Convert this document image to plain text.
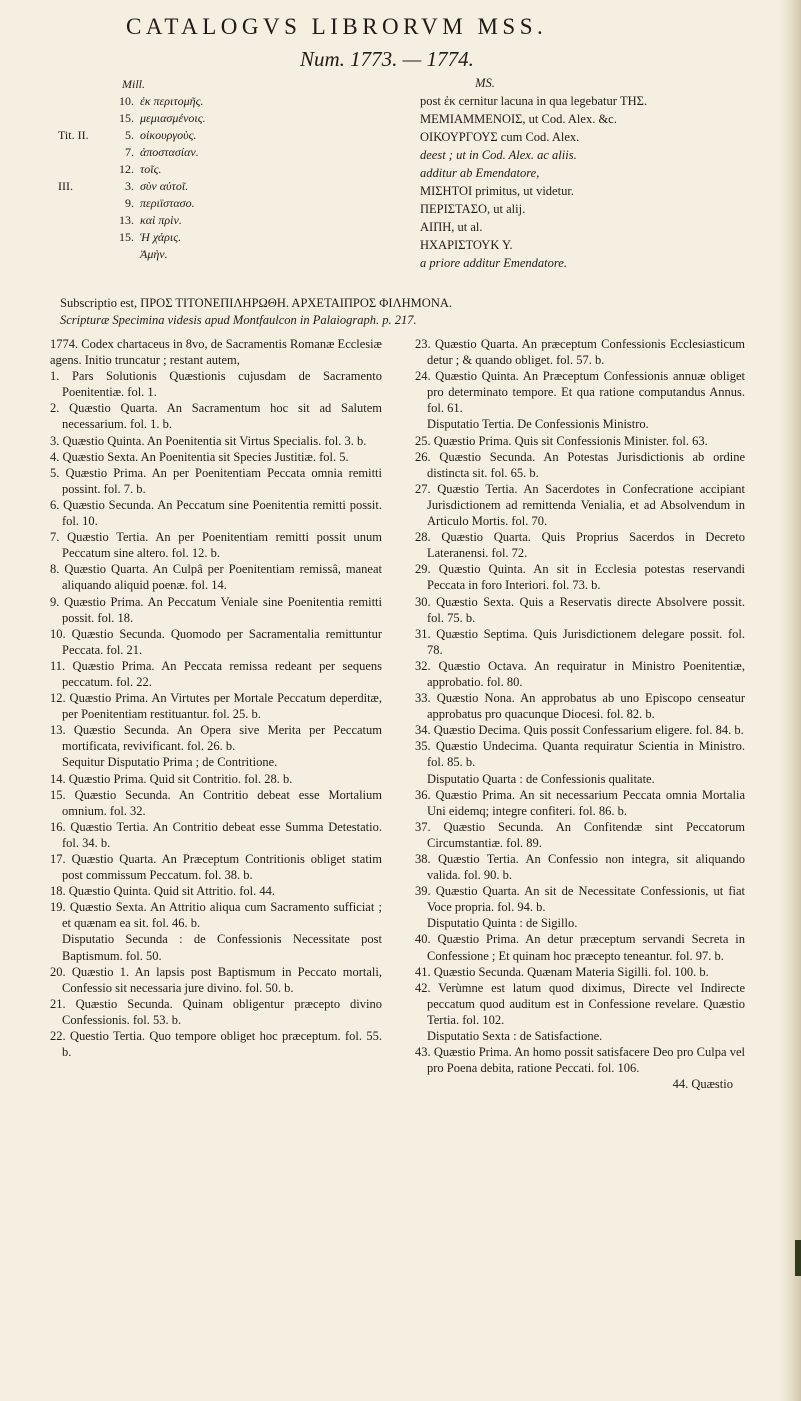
CATALOGVS LIBRORVM MSS.
Num. 1773. — 1774.
Mill.
10. ἐκ περιτομῆς.
15. μεμιασμένοις.
Tit. II.	5. οἰκουργοὺς.
7. ἀποστασίαν.
12. τοῖς.
III.	3. σὺν αὐτοῖ.
9. περιϊστασο.
13. καὶ πρὶν.
15. Ἡ χάρις.
Ἀμὴν.
MS.
post ἐκ cernitur lacuna in qua legebatur ΤΗΣ.
ΜΕΜΙΑΜΜΕΝΟΙΣ, ut Cod. Alex. &c.
ΟΙΚΟΥΡΓΟΥΣ cum Cod. Alex.
deest ; ut in Cod. Alex. ac aliis.
additur ab Emendatore,
ΜΙΣΗΤΟΙ primitus, ut videtur.
ΠΕΡΙΣΤΑΣΟ, ut alij.
ΑΙΠΗ, ut al.
ΗΧΑΡΙΣΤΟΥΚ Υ.
a priore additur Emendatore.
Subscriptio est, ΠΡΟΣ ΤΙΤΟΝΕΠΙΛΗΡΩΘΗ. ΑΡΧΕΤΑΙΠΡΟΣ ΦΙΛΗΜΟΝΑ.
Scripturæ Specimina videsis apud Montfaulcon in Palaiograph. p. 217.

1774. Codex chartaceus in 8vo, de Sacramentis Romanæ Ecclesiæ agens. Initio truncatur ; restant autem,

1. Pars Solutionis Quæstionis cujusdam de Sacramento Poenitentiæ. fol. 1.

2. Quæstio Quarta. An Sacramentum hoc sit ad Salutem necessarium. fol. 1. b.

3. Quæstio Quinta. An Poenitentia sit Virtus Specialis. fol. 3. b.

4. Quæstio Sexta. An Poenitentia sit Species Justitiæ. fol. 5.

5. Quæstio Prima. An per Poenitentiam Peccata omnia remitti possint. fol. 7. b.

6. Quæstio Secunda. An Peccatum sine Poenitentia remitti possit. fol. 10.

7. Quæstio Tertia. An per Poenitentiam remitti possit unum Peccatum sine altero. fol. 12. b.

8. Quæstio Quarta. An Culpâ per Poenitentiam remissâ, maneat aliquando aliquid poenæ. fol. 14.

9. Quæstio Prima. An Peccatum Veniale sine Poenitentia remitti possit. fol. 18.

10. Quæstio Secunda. Quomodo per Sacramentalia remittuntur Peccata. fol. 21.

11. Quæstio Prima. An Peccata remissa redeant per sequens peccatum. fol. 22.

12. Quæstio Prima. An Virtutes per Mortale Peccatum deperditæ, per Poenitentiam restituantur. fol. 25. b.

13. Quæstio Secunda. An Opera sive Merita per Peccatum mortificata, revivificant. fol. 26. b.

Sequitur Disputatio Prima ; de Contritione.

14. Quæstio Prima. Quid sit Contritio. fol. 28. b.

15. Quæstio Secunda. An Contritio debeat esse Mortalium omnium. fol. 32.

16. Quæstio Tertia. An Contritio debeat esse Summa Detestatio. fol. 34. b.

17. Quæstio Quarta. An Præceptum Contritionis obliget statim post commissum Peccatum. fol. 38. b.

18. Quæstio Quinta. Quid sit Attritio. fol. 44.

19. Quæstio Sexta. An Attritio aliqua cum Sacramento sufficiat ; et quænam ea sit. fol. 46. b.

Disputatio Secunda : de Confessionis Necessitate post Baptismum. fol. 50.

20. Quæstio 1. An lapsis post Baptismum in Peccato mortali, Confessio sit necessaria jure divino. fol. 50. b.

21. Quæstio Secunda. Quinam obligentur præcepto divino Confessionis. fol. 53. b.

22. Questio Tertia. Quo tempore obliget hoc præceptum. fol. 55. b.

23. Quæstio Quarta. An præceptum Confessionis Ecclesiasticum detur ; & quando obliget. fol. 57. b.

24. Quæstio Quinta. An Præceptum Confessionis annuæ obliget pro determinato tempore. Et qua ratione computandus Annus. fol. 61.

Disputatio Tertia. De Confessionis Ministro.

25. Quæstio Prima. Quis sit Confessionis Minister. fol. 63.

26. Quæstio Secunda. An Potestas Jurisdictionis ab ordine distincta sit. fol. 65. b.

27. Quæstio Tertia. An Sacerdotes in Confecratione accipiant Jurisdictionem ad remittenda Venialia, et ad Absolvendum in Articulo Mortis. fol. 70.

28. Quæstio Quarta. Quis Proprius Sacerdos in Decreto Lateranensi. fol. 72.

29. Quæstio Quinta. An sit in Ecclesia potestas reservandi Peccata in foro Interiori. fol. 73. b.

30. Quæstio Sexta. Quis a Reservatis directe Absolvere possit. fol. 75. b.

31. Quæstio Septima. Quis Jurisdictionem delegare possit. fol. 78.

32. Quæstio Octava. An requiratur in Ministro Poenitentiæ, approbatio. fol. 80.

33. Quæstio Nona. An approbatus ab uno Episcopo censeatur approbatus pro quacunque Diocesi. fol. 82. b.

34. Quæstio Decima. Quis possit Confessarium eligere. fol. 84. b.

35. Quæstio Undecima. Quanta requiratur Scientia in Ministro. fol. 85. b.

Disputatio Quarta : de Confessionis qualitate.

36. Quæstio Prima. An sit necessarium Peccata omnia Mortalia Uni eidemq; integre confiteri. fol. 86. b.

37. Quæstio Secunda. An Confitendæ sint Peccatorum Circumstantiæ. fol. 89.

38. Quæstio Tertia. An Confessio non integra, sit aliquando valida. fol. 90. b.

39. Quæstio Quarta. An sit de Necessitate Confessionis, ut fiat Voce propria. fol. 94. b.

Disputatio Quinta : de Sigillo.

40. Quæstio Prima. An detur præceptum servandi Secreta in Confessione ; Et quinam hoc præcepto teneantur. fol. 97. b.

41. Quæstio Secunda. Quænam Materia Sigilli. fol. 100. b.

42. Verùmne est latum quod diximus, Directe vel Indirecte peccatum quod auditum est in Confessione revelare. Quæstio Tertia. fol. 102.

Disputatio Sexta : de Satisfactione.

43. Quæstio Prima. An homo possit satisfacere Deo pro Culpa vel pro Poena debita, ratione Peccati. fol. 106.

44. Quæstio
